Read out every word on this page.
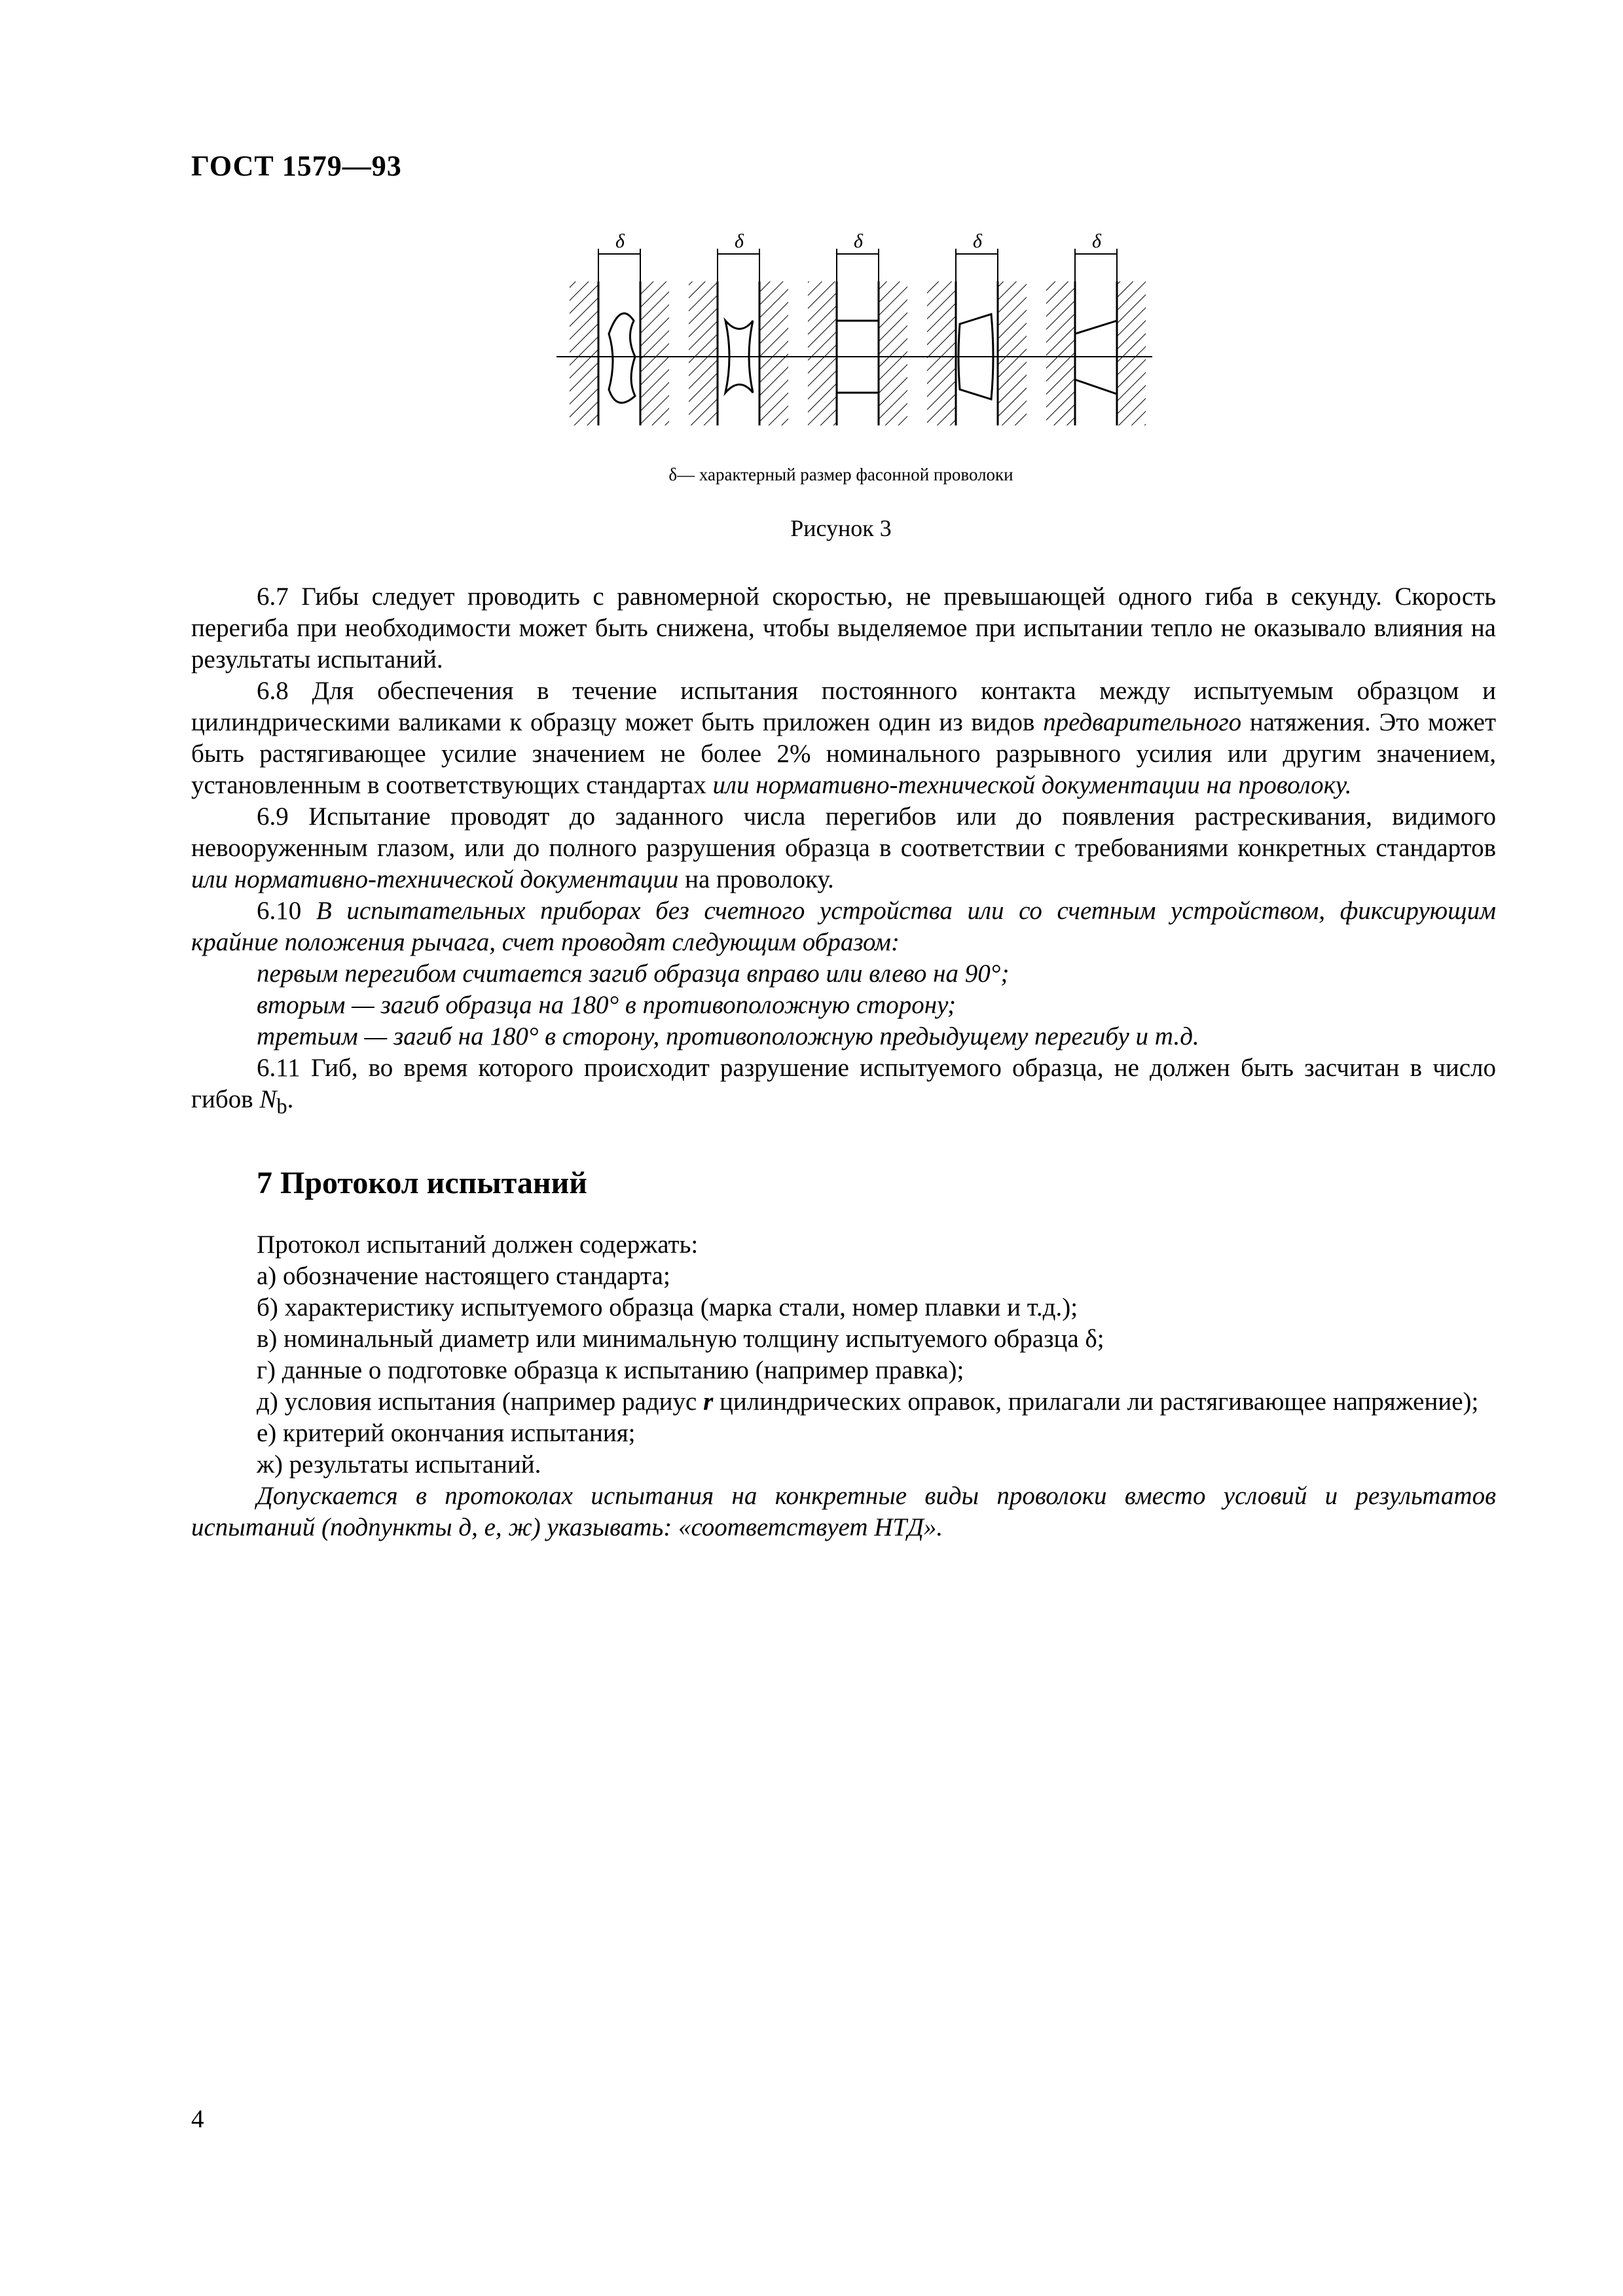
ГОСТ 1579—93
δ	δ	δ	δ	δ
δ— характерный размер фасонной проволоки
Рисунок 3

6.7 Гибы следует проводить с равномерной скоростью, не превышающей одного гиба в секунду. Скорость перегиба при необходимости может быть снижена, чтобы выделяемое при испытании тепло не оказывало влияния на результаты испытаний.

6.8 Для обеспечения в течение испытания постоянного контакта между испытуемым образцом и цилиндрическими валиками к образцу может быть приложен один из видов предварительного натяжения. Это может быть растягивающее усилие значением не более 2% номинального разрывного усилия или другим значением, установленным в соответствующих стандартах или нормативно-технической документации на проволоку.

6.9 Испытание проводят до заданного числа перегибов или до появления растрескивания, видимого невооруженным глазом, или до полного разрушения образца в соответствии с требованиями конкретных стандартов или нормативно-технической документации на проволоку.

6.10 В испытательных приборах без счетного устройства или со счетным устройством, фиксирующим крайние положения рычага, счет проводят следующим образом:

первым перегибом считается загиб образца вправо или влево на 90°;

вторым — загиб образца на 180° в противоположную сторону;

третьим — загиб на 180° в сторону, противоположную предыдущему перегибу и т.д.

6.11 Гиб, во время которого происходит разрушение испытуемого образца, не должен быть засчитан в число гибов $N_b$.

7 Протокол испытаний

Протокол испытаний должен содержать:

а) обозначение настоящего стандарта;

б) характеристику испытуемого образца (марка стали, номер плавки и т.д.);

в) номинальный диаметр или минимальную толщину испытуемого образца δ;

г) данные о подготовке образца к испытанию (например правка);

д) условия испытания (например радиус r цилиндрических оправок, прилагали ли растягивающее напряжение);

е) критерий окончания испытания;

ж) результаты испытаний.

Допускается в протоколах испытания на конкретные виды проволоки вместо условий и результатов испытаний (подпункты д, е, ж) указывать: «соответствует НТД».

4
